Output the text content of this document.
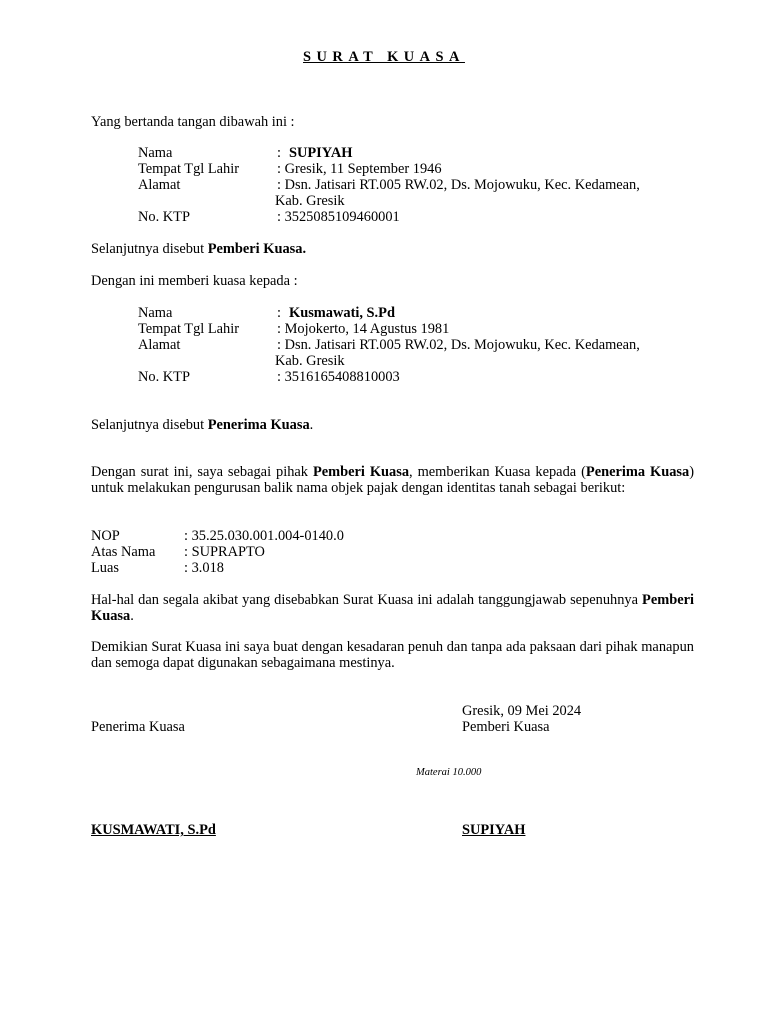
SURAT KUASA
Yang bertanda tangan dibawah ini :
Nama	: SUPIYAH
Tempat Tgl Lahir	: Gresik, 11 September 1946
Alamat	: Dsn. Jatisari RT.005 RW.02, Ds. Mojowuku, Kec. Kedamean,
Kab. Gresik
No. KTP	: 3525085109460001
Selanjutnya disebut Pemberi Kuasa.
Dengan ini memberi kuasa kepada :
Nama	: Kusmawati, S.Pd
Tempat Tgl Lahir	: Mojokerto, 14 Agustus 1981
Alamat	: Dsn. Jatisari RT.005 RW.02, Ds. Mojowuku, Kec. Kedamean,
Kab. Gresik
No. KTP	: 3516165408810003
Selanjutnya disebut Penerima Kuasa.
Dengan surat ini, saya sebagai pihak Pemberi Kuasa, memberikan Kuasa kepada (Penerima Kuasa) untuk melakukan pengurusan balik nama objek pajak dengan identitas tanah sebagai berikut:
NOP	: 35.25.030.001.004-0140.0
Atas Nama : SUPRAPTO
Luas	: 3.018
Hal-hal dan segala akibat yang disebabkan Surat Kuasa ini adalah tanggungjawab sepenuhnya Pemberi Kuasa.
Demikian Surat Kuasa ini saya buat dengan kesadaran penuh dan tanpa ada paksaan dari pihak manapun dan semoga dapat digunakan sebagaimana mestinya.
Gresik, 09 Mei 2024
Penerima Kuasa	Pemberi Kuasa
Materai 10.000
KUSMAWATI, S.Pd	SUPIYAH
